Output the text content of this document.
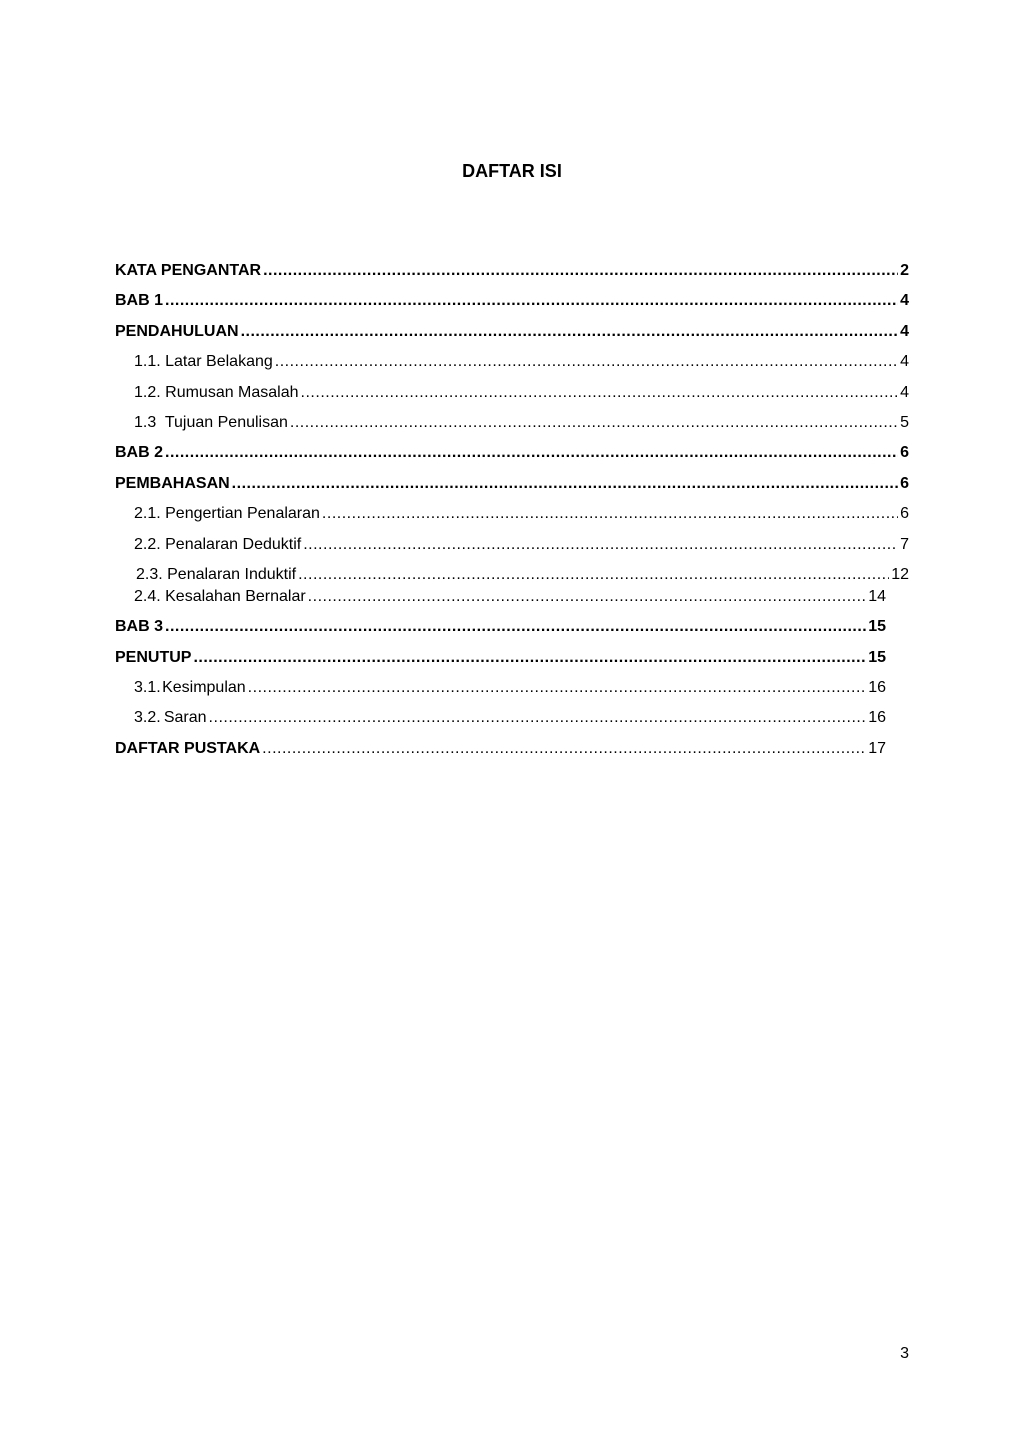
DAFTAR ISI
KATA PENGANTAR .....	2
BAB 1 .....	4
PENDAHULUAN .....	4
1.1. Latar Belakang .....	4
1.2. Rumusan Masalah .....	4
1.3  Tujuan Penulisan .....	5
BAB 2 .....	6
PEMBAHASAN .....	6
2.1. Pengertian Penalaran .....	6
2.2. Penalaran Deduktif .....	7
2.3. Penalaran Induktif .....	12
2.4. Kesalahan Bernalar .....	14
BAB 3 .....	15
PENUTUP .....	15
3.1. Kesimpulan .....	16
3.2. Saran .....	16
DAFTAR PUSTAKA .....	17
3
